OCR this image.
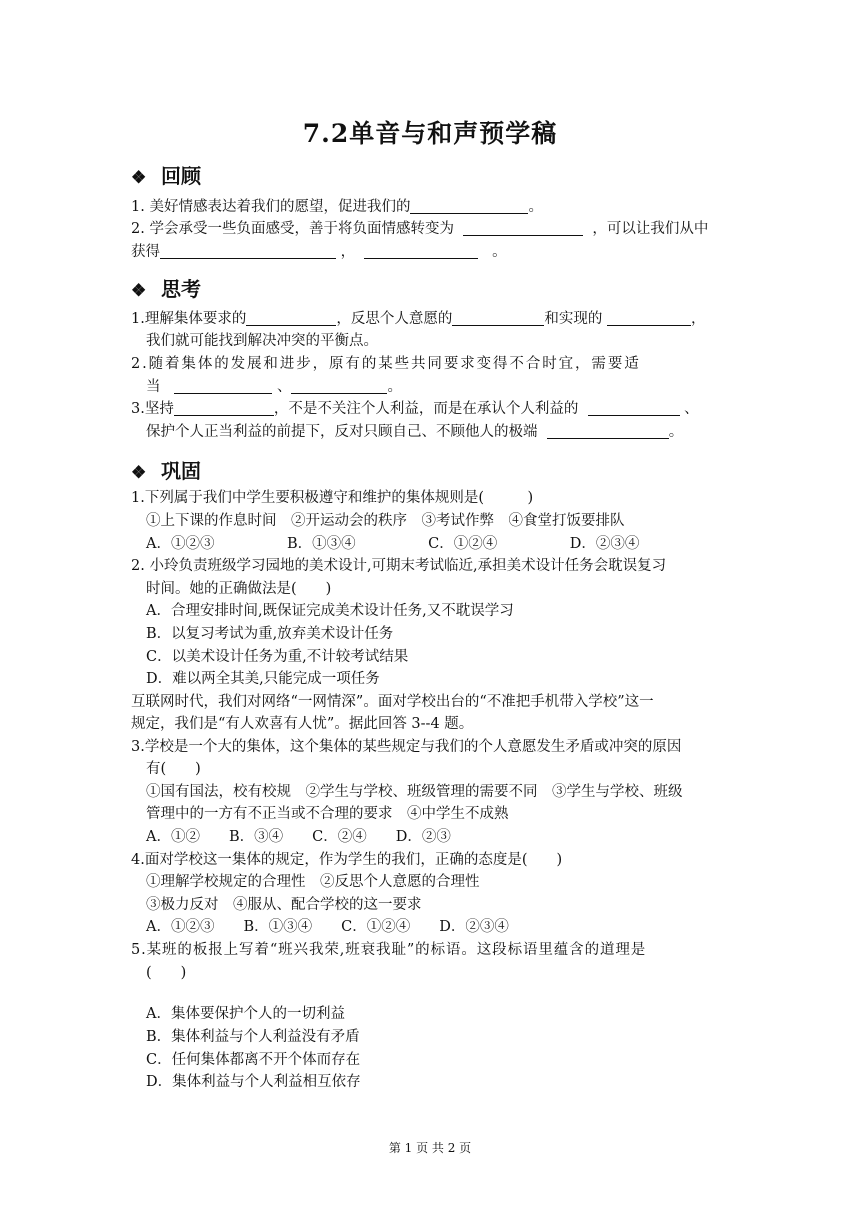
7.2单音与和声预学稿
❖ 回顾
1. 美好情感表达着我们的愿望，促进我们的	。
2. 学会承受一些负面感受，善于将负面情感转变为	，可以让我们从中
获得	，	。
❖ 思考
1.理解集体要求的	，反思个人意愿的	和实现的	，
我们就可能找到解决冲突的平衡点。
2.随着集体的发展和进步，原有的某些共同要求变得不合时宜，需要适
当	、	。
3.坚持	，不是不关注个人利益，而是在承认个人利益的	、
保护个人正当利益的前提下，反对只顾自己、不顾他人的极端	。
❖ 巩固
1.下列属于我们中学生要积极遵守和维护的集体规则是(　　　)
①上下课的作息时间　②开运动会的秩序　③考试作弊　④食堂打饭要排队
A．①②③　　　　　B．①③④　　　　　C．①②④　　　　　D．②③④
2. 小玲负责班级学习园地的美术设计,可期末考试临近,承担美术设计任务会耽误复习
时间。她的正确做法是(　　)
A．合理安排时间,既保证完成美术设计任务,又不耽误学习
B．以复习考试为重,放弃美术设计任务
C．以美术设计任务为重,不计较考试结果
D．难以两全其美,只能完成一项任务
互联网时代，我们对网络“一网情深”。面对学校出台的“不准把手机带入学校”这一
规定，我们是“有人欢喜有人忧”。据此回答 3--4 题。
3.学校是一个大的集体，这个集体的某些规定与我们的个人意愿发生矛盾或冲突的原因
有(　　)
①国有国法，校有校规　②学生与学校、班级管理的需要不同　③学生与学校、班级
管理中的一方有不正当或不合理的要求　④中学生不成熟
A．①②　　B．③④　　C．②④　　D．②③
4.面对学校这一集体的规定，作为学生的我们，正确的态度是(　　)
①理解学校规定的合理性　②反思个人意愿的合理性
③极力反对　④服从、配合学校的这一要求
A．①②③　　B．①③④　　C．①②④　　D．②③④
5.某班的板报上写着“班兴我荣,班衰我耻”的标语。这段标语里蕴含的道理是
(　　)
A．集体要保护个人的一切利益
B．集体利益与个人利益没有矛盾
C．任何集体都离不开个体而存在
D．集体利益与个人利益相互依存
第 1 页 共 2 页
